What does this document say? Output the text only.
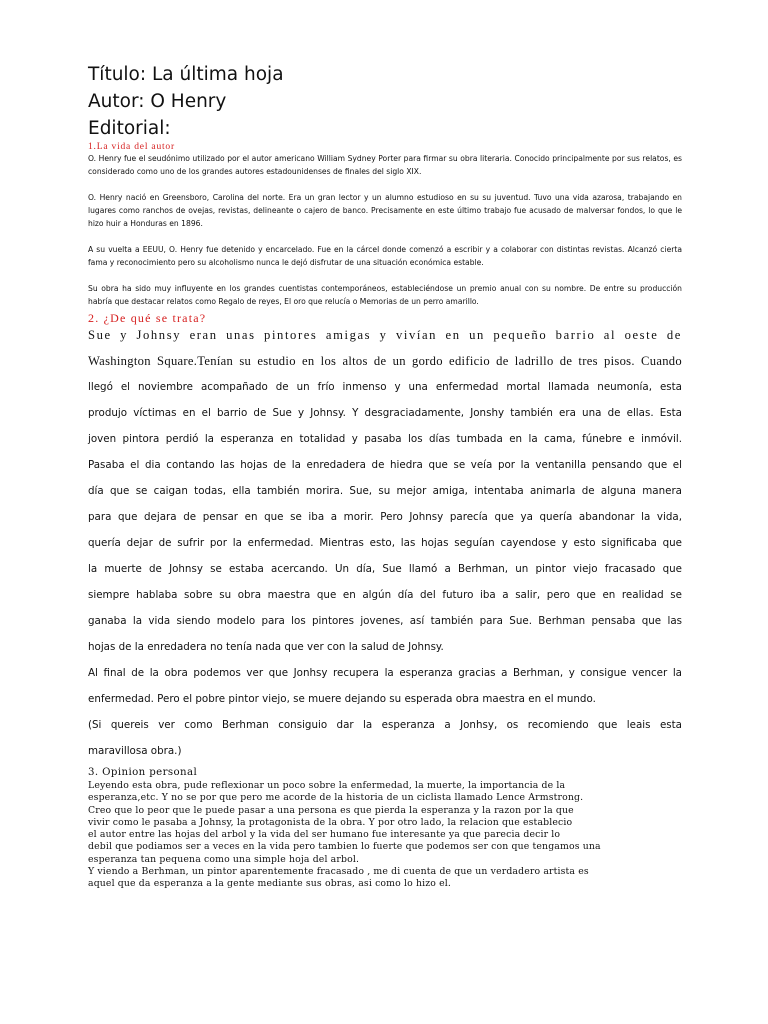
Título: La última hoja
Autor: O Henry
Editorial:
1.La vida del autor
O. Henry fue el seudónimo utilizado por el autor americano William Sydney Porter para firmar su obra literaria. Conocido principalmente por sus relatos, es considerado como uno de los grandes autores estadounidenses de finales del siglo XIX.
O. Henry nació en Greensboro, Carolina del norte. Era un gran lector y un alumno estudioso en su su juventud. Tuvo una vida azarosa, trabajando en lugares como ranchos de ovejas, revistas, delineante o cajero de banco. Precisamente en este último trabajo fue acusado de malversar fondos, lo que le hizo huir a Honduras en 1896.
A su vuelta a EEUU, O. Henry fue detenido y encarcelado. Fue en la cárcel donde comenzó a escribir y a colaborar con distintas revistas. Alcanzó cierta fama y reconocimiento pero su alcoholismo nunca le dejó disfrutar de una situación económica estable.
Su obra ha sido muy influyente en los grandes cuentistas contemporáneos, estableciéndose un premio anual con su nombre. De entre su producción habría que destacar relatos como Regalo de reyes, El oro que relucía o Memorias de un perro amarillo.
2. ¿De qué se trata?
Sue y Johnsy eran unas pintores amigas y vivían en un pequeño barrio al oeste de
Washington Square.Tenían su estudio en los altos de un gordo edificio de ladrillo de tres pisos. Cuando
llegó el noviembre acompañado de un frío inmenso y una enfermedad mortal llamada neumonía, esta
produjo víctimas en el barrio de Sue y Johnsy. Y desgraciadamente, Jonshy también era una de ellas. Esta
joven pintora perdió la esperanza en totalidad y pasaba los días tumbada en la cama, fúnebre e inmóvil.
Pasaba el dia contando las hojas de la enredadera de hiedra que se veía por la ventanilla pensando que el
día que se caigan todas, ella también morira. Sue, su mejor amiga, intentaba animarla de alguna manera
para que dejara de pensar en que se iba a morir. Pero Johnsy parecía que ya quería abandonar la vida,
quería dejar de sufrir por la enfermedad. Mientras esto, las hojas seguían cayendose y esto significaba que
la muerte de Johnsy se estaba acercando. Un día, Sue llamó a Berhman, un pintor viejo fracasado que
siempre hablaba sobre su obra maestra que en algún día del futuro iba a salir, pero que en realidad se
ganaba la vida siendo modelo para los pintores jovenes, así también para Sue. Berhman pensaba que las
hojas de la enredadera no tenía nada que ver con la salud de Johnsy.
Al final de la obra podemos ver que Jonhsy recupera la esperanza gracias a Berhman, y consigue vencer la
enfermedad. Pero el pobre pintor viejo, se muere dejando su esperada obra maestra en el mundo.
(Si quereis ver como Berhman consiguio dar la esperanza a Jonhsy, os recomiendo que leais esta
maravillosa obra.)
3. Opinion personal
Leyendo esta obra, pude reflexionar un poco sobre la enfermedad, la muerte, la importancia de la
esperanza,etc. Y no se por que pero me acorde de la historia de un ciclista llamado Lence Armstrong.
Creo que lo peor que le puede pasar a una persona es que pierda la esperanza y la razon por la que
vivir como le pasaba a Johnsy, la protagonista de la obra. Y por otro lado, la relacion que establecio
el autor entre las hojas del arbol y la vida del ser humano fue interesante ya que parecia decir lo
debil que podiamos ser a veces en la vida pero tambien lo fuerte que podemos ser con que tengamos una
esperanza tan pequena como una simple hoja del arbol.
Y viendo a Berhman, un pintor aparentemente fracasado , me di cuenta de que un verdadero artista es
aquel que da esperanza a la gente mediante sus obras, asi como lo hizo el.
